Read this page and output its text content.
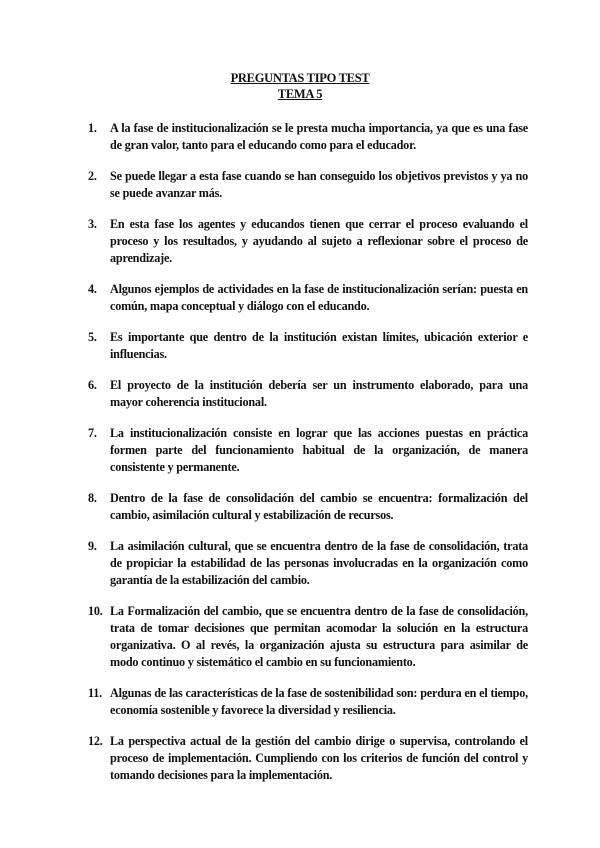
PREGUNTAS TIPO TEST
TEMA 5
1.	A la fase de institucionalización se le presta mucha importancia, ya que es una fase de gran valor, tanto para el educando como para el educador.
2.	Se puede llegar a esta fase cuando se han conseguido los objetivos previstos y ya no se puede avanzar más.
3.	En esta fase los agentes y educandos tienen que cerrar el proceso evaluando el proceso y los resultados, y ayudando al sujeto a reflexionar sobre el proceso de aprendizaje.
4.	Algunos ejemplos de actividades en la fase de institucionalización serían: puesta en común, mapa conceptual y diálogo con el educando.
5.	Es importante que dentro de la institución existan límites, ubicación exterior e influencias.
6.	El proyecto de la institución debería ser un instrumento elaborado, para una mayor coherencia institucional.
7.	La institucionalización consiste en lograr que las acciones puestas en práctica formen parte del funcionamiento habitual de la organización, de manera consistente y permanente.
8.	Dentro de la fase de consolidación del cambio se encuentra: formalización del cambio, asimilación cultural y estabilización de recursos.
9.	La asimilación cultural, que se encuentra dentro de la fase de consolidación, trata de propiciar la estabilidad de las personas involucradas en la organización como garantía de la estabilización del cambio.
10. La Formalización del cambio, que se encuentra dentro de la fase de consolidación, trata de tomar decisiones que permitan acomodar la solución en la estructura organizativa. O al revés, la organización ajusta su estructura para asimilar de modo continuo y sistemático el cambio en su funcionamiento.
11. Algunas de las características de la fase de sostenibilidad son: perdura en el tiempo, economía sostenible y favorece la diversidad y resiliencia.
12. La perspectiva actual de la gestión del cambio dirige o supervisa, controlando el proceso de implementación. Cumpliendo con los criterios de función del control y tomando decisiones para la implementación.
